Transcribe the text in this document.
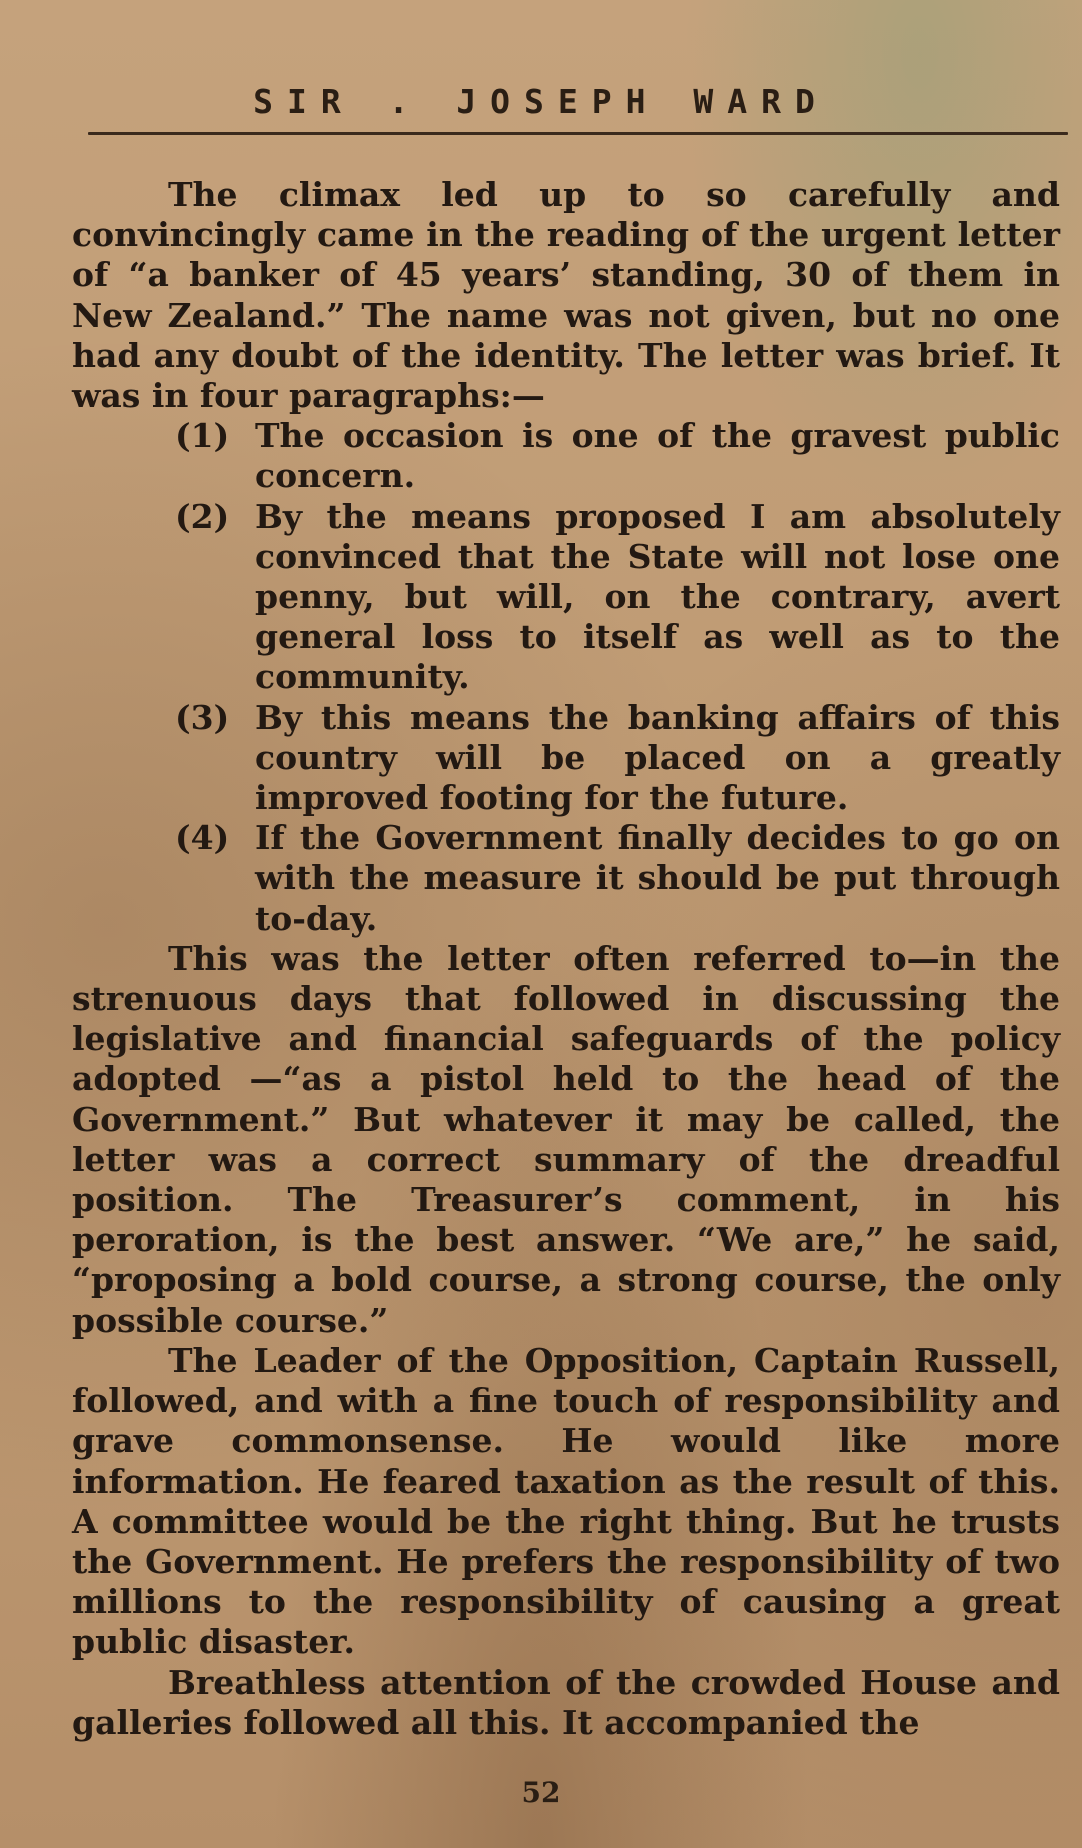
SIR . JOSEPH WARD

The climax led up to so carefully and convincingly came in the reading of the urgent letter of “a banker of 45 years’ standing, 30 of them in New Zealand.” The name was not given, but no one had any doubt of the identity. The letter was brief. It was in four paragraphs:—

(1) The occasion is one of the gravest public concern.
(2) By the means proposed I am absolutely convinced that the State will not lose one penny, but will, on the contrary, avert general loss to itself as well as to the community.
(3) By this means the banking affairs of this country will be placed on a greatly improved footing for the future.
(4) If the Government finally decides to go on with the measure it should be put through to-day.

This was the letter often referred to—in the strenuous days that followed in discussing the legislative and financial safeguards of the policy adopted —“as a pistol held to the head of the Government.” But whatever it may be called, the letter was a correct summary of the dreadful position. The Treasurer’s comment, in his peroration, is the best answer. “We are,” he said, “proposing a bold course, a strong course, the only possible course.”

The Leader of the Opposition, Captain Russell, followed, and with a fine touch of responsibility and grave commonsense. He would like more information. He feared taxation as the result of this. A committee would be the right thing. But he trusts the Government. He prefers the responsibility of two millions to the responsibility of causing a great public disaster.

Breathless attention of the crowded House and galleries followed all this. It accompanied the

52
